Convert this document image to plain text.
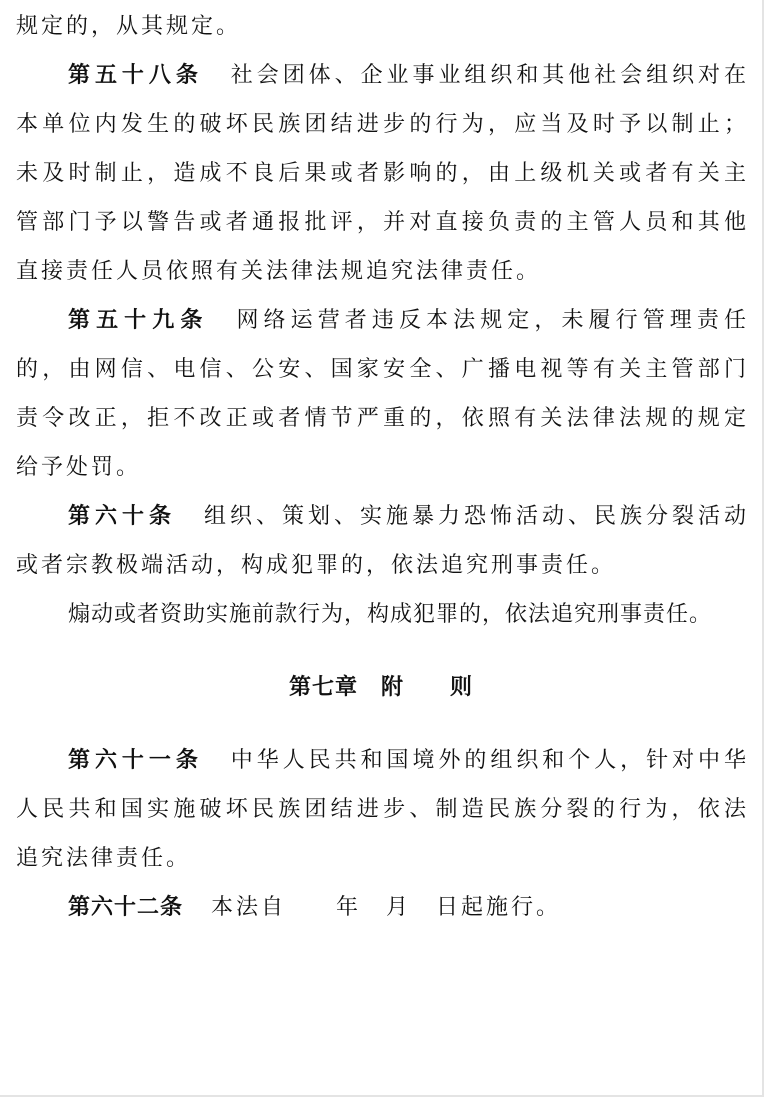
规定的，从其规定。
第五十八条 社会团体、企业事业组织和其他社会组织对在
本单位内发生的破坏民族团结进步的行为，应当及时予以制止；
未及时制止，造成不良后果或者影响的，由上级机关或者有关主
管部门予以警告或者通报批评，并对直接负责的主管人员和其他
直接责任人员依照有关法律法规追究法律责任。
第五十九条 网络运营者违反本法规定，未履行管理责任
的，由网信、电信、公安、国家安全、广播电视等有关主管部门
责令改正，拒不改正或者情节严重的，依照有关法律法规的规定
给予处罚。
第六十条 组织、策划、实施暴力恐怖活动、民族分裂活动
或者宗教极端活动，构成犯罪的，依法追究刑事责任。
煽动或者资助实施前款行为，构成犯罪的，依法追究刑事责任。
第七章　附　　则
第六十一条 中华人民共和国境外的组织和个人，针对中华
人民共和国实施破坏民族团结进步、制造民族分裂的行为，依法
追究法律责任。
第六十二条 本法自　　年　月　日起施行。
